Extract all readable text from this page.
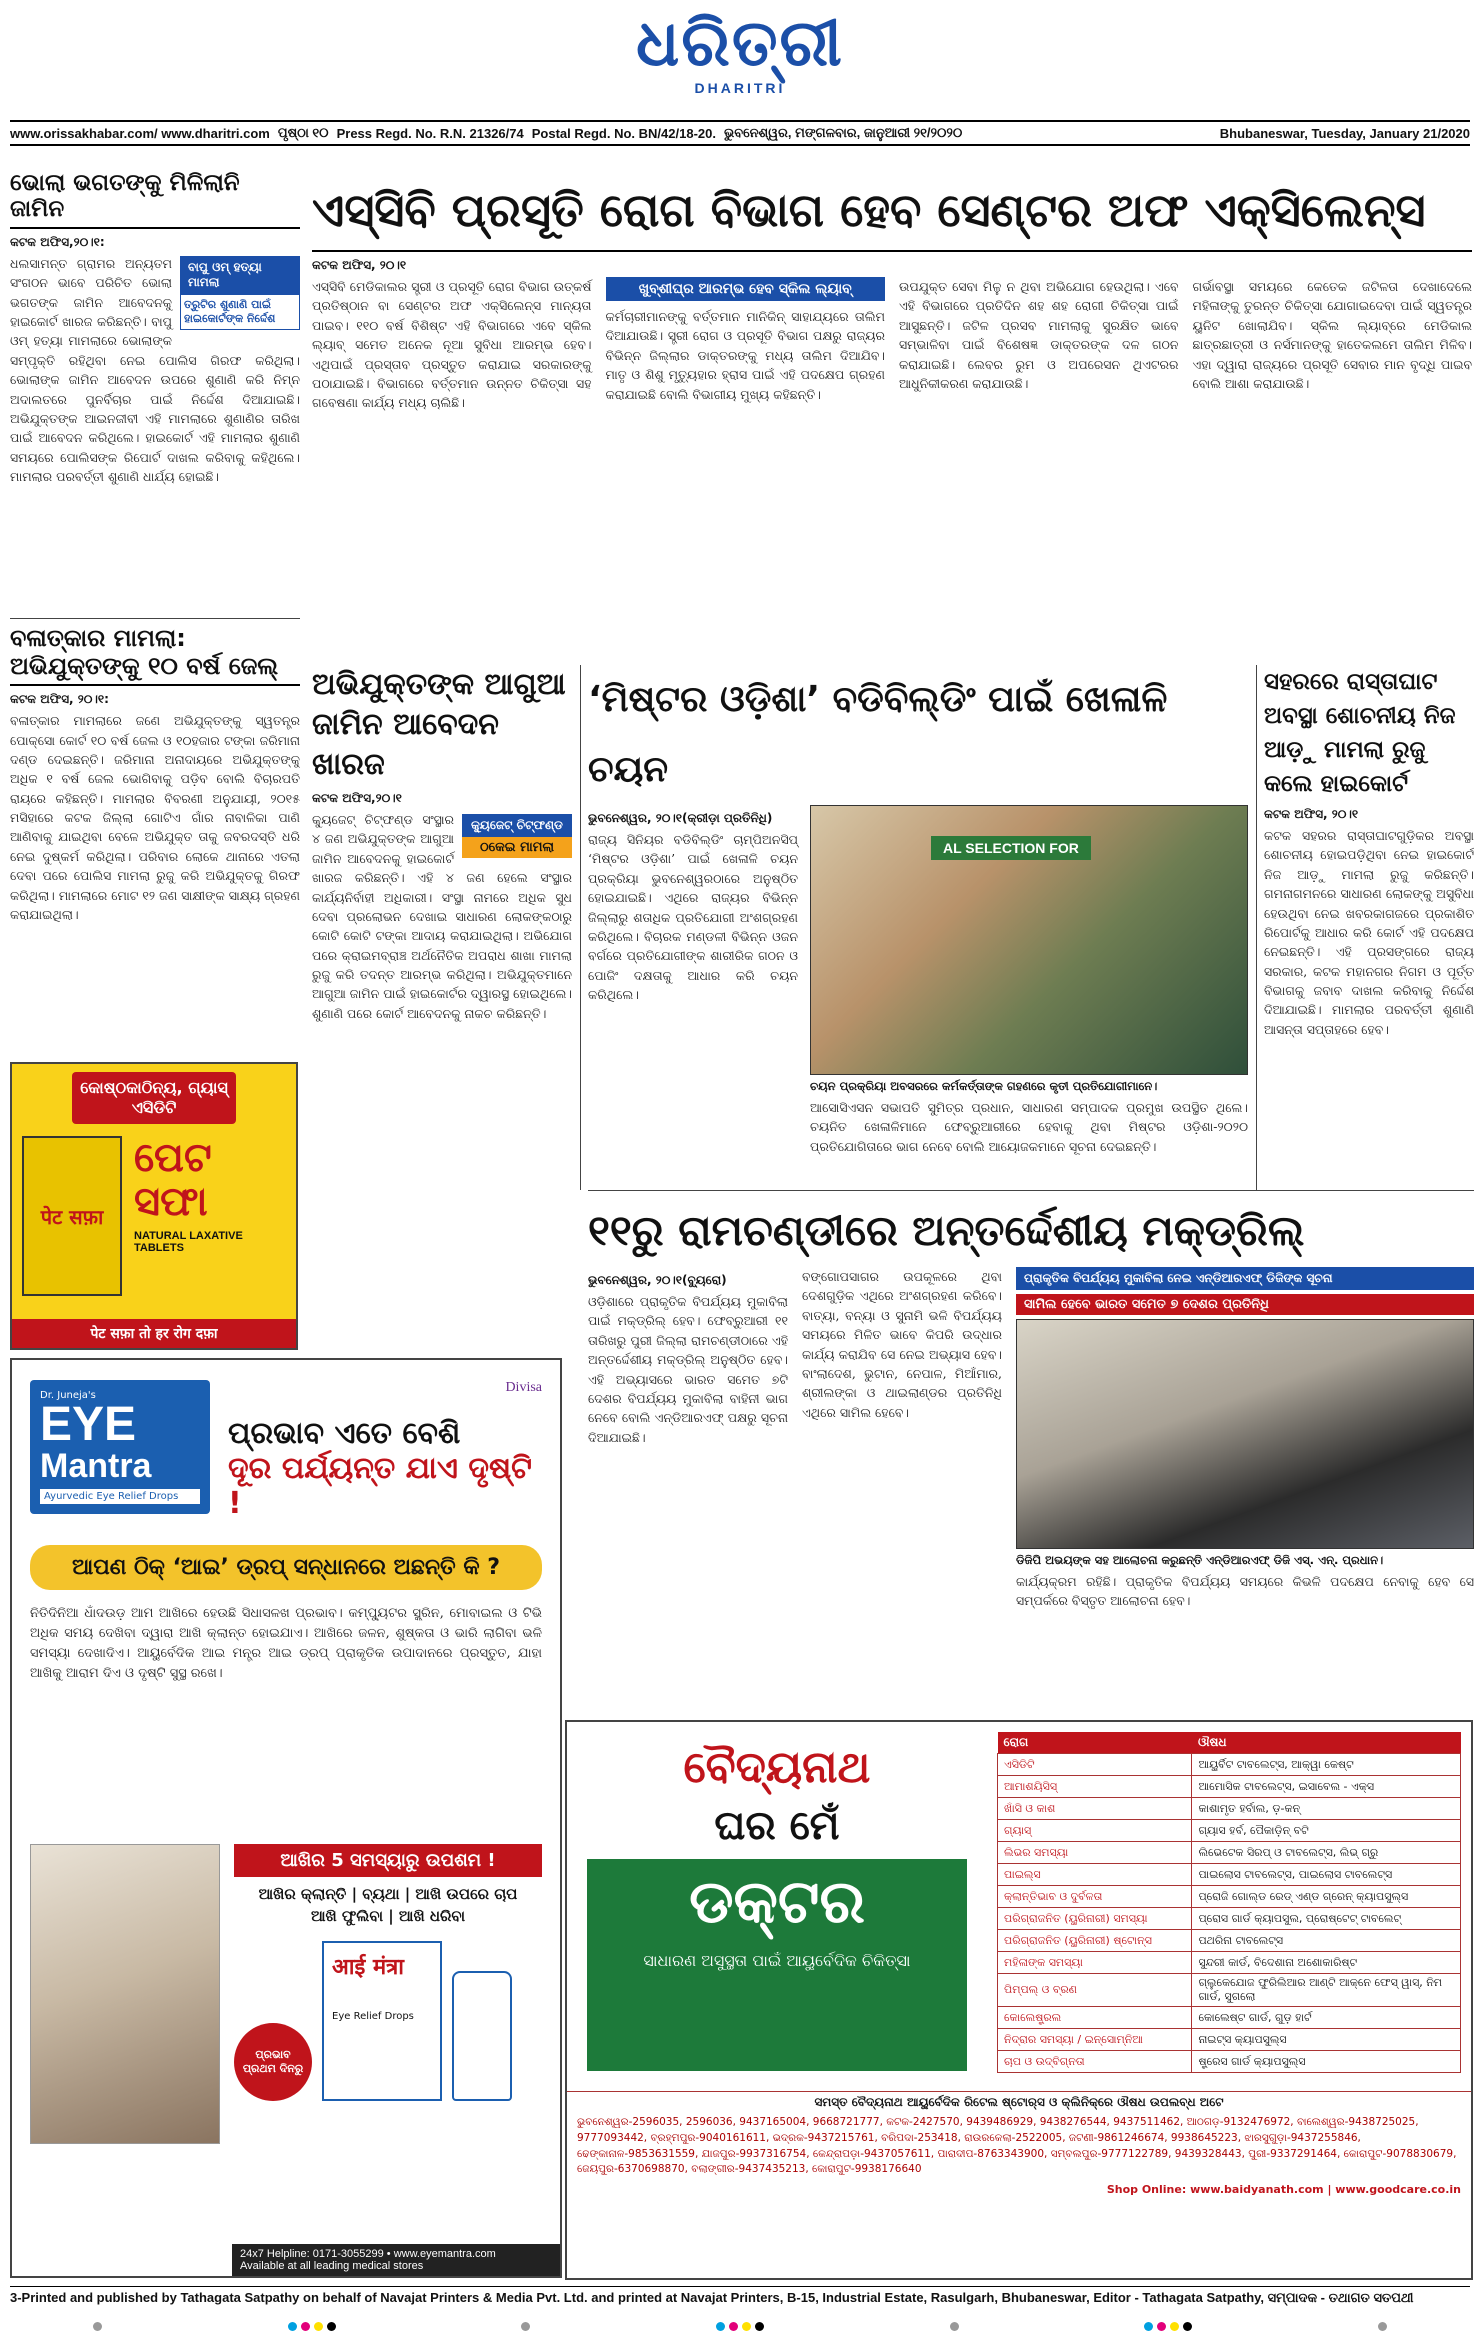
ଧରିତ୍ରୀ
DHARITRI
www.orissakhabar.com/ www.dharitri.com ପୃଷ୍ଠା ୧୦ Press Regd. No. R.N. 21326/74 Postal Regd. No. BN/42/18-20. ଭୁବନେଶ୍ୱର, ମଙ୍ଗଳବାର, ଜାନୁଆରୀ ୨୧/୨୦୨୦	Bhubaneswar, Tuesday, January 21/2020
ଭୋଲା ଭଗତଙ୍କୁ ମିଳିଲାନି ଜାମିନ
କଟକ ଅଫିସ,୨୦।୧:
ବାପୁ ଓମ୍ ହତ୍ୟା ମାମଲା
ତ୍ରୁଟିର ଶୁଣାଣି ପାଇଁ ହାଇକୋର୍ଟଙ୍କ ନିର୍ଦ୍ଦେଶ
ଧଲସାମନ୍ତ ଗ୍ରାମର ଅନ୍ୟତମ ସଂଗଠନ ଭାବେ ପରିଚିତ ଭୋଲା ଭଗତଙ୍କ ଜାମିନ ଆବେଦନକୁ ହାଇକୋର୍ଟ ଖାରଜ କରିଛନ୍ତି। ବାପୁ ଓମ୍ ହତ୍ୟା ମାମଲାରେ ଭୋଲାଙ୍କ ସମ୍ପୃକ୍ତି ରହିଥିବା ନେଇ ପୋଲିସ ଗିରଫ କରିଥିଲା। ଭୋଲାଙ୍କ ଜାମିନ ଆବେଦନ ଉପରେ ଶୁଣାଣି କରି ନିମ୍ନ ଅଦାଲତରେ ପୁନର୍ବିଚାର ପାଇଁ ନିର୍ଦ୍ଦେଶ ଦିଆଯାଇଛି। ଅଭିଯୁକ୍ତଙ୍କ ଆଇନଜୀବୀ ଏହି ମାମଲାରେ ଶୁଣାଣିର ତାରିଖ ପାଇଁ ଆବେଦନ କରିଥିଲେ। ହାଇକୋର୍ଟ ଏହି ମାମଲାର ଶୁଣାଣି ସମୟରେ ପୋଲିସଙ୍କ ରିପୋର୍ଟ ଦାଖଲ କରିବାକୁ କହିଥିଲେ। ମାମଲାର ପରବର୍ତ୍ତୀ ଶୁଣାଣି ଧାର୍ଯ୍ୟ ହୋଇଛି।
ଏସ୍‌ସିବି ପ୍ରସୂତି ରୋଗ ବିଭାଗ ହେବ ସେଣ୍ଟର ଅଫ ଏକ୍ସିଲେନ୍ସ
କଟକ ଅଫିସ, ୨୦।୧
ଏସ୍‌ସିବି ମେଡିକାଲର ସ୍ତ୍ରୀ ଓ ପ୍ରସୂତି ରୋଗ ବିଭାଗ ଉତ୍କର୍ଷ ପ୍ରତିଷ୍ଠାନ ବା ସେଣ୍ଟର ଅଫ ଏକ୍ସିଲେନ୍ସ ମାନ୍ୟତା ପାଇବ। ୧୧୦ ବର୍ଷ ବିଶିଷ୍ଟ ଏହି ବିଭାଗରେ ଏବେ ସ୍କିଲ ଲ୍ୟାବ୍‌ ସମେତ ଅନେକ ନୂଆ ସୁବିଧା ଆରମ୍ଭ ହେବ। ଏଥିପାଇଁ ପ୍ରସ୍ତାବ ପ୍ରସ୍ତୁତ କରାଯାଇ ସରକାରଙ୍କୁ ପଠାଯାଇଛି। ବିଭାଗରେ ବର୍ତ୍ତମାନ ଉନ୍ନତ ଚିକିତ୍ସା ସହ ଗବେଷଣା କାର୍ଯ୍ୟ ମଧ୍ୟ ଚାଲିଛି।
ଖୁବ୍‌ଶୀଘ୍ର ଆରମ୍ଭ ହେବ ସ୍କିଲ ଲ୍ୟାବ୍‌
କର୍ମଚାରୀମାନଙ୍କୁ ବର୍ତ୍ତମାନ ମାନିକିନ୍ ସାହାଯ୍ୟରେ ତାଲିମ ଦିଆଯାଉଛି। ସ୍ତ୍ରୀ ରୋଗ ଓ ପ୍ରସୂତି ବିଭାଗ ପକ୍ଷରୁ ରାଜ୍ୟର ବିଭିନ୍ନ ଜିଲ୍ଲାର ଡାକ୍ତରଙ୍କୁ ମଧ୍ୟ ତାଲିମ ଦିଆଯିବ। ମାତୃ ଓ ଶିଶୁ ମୃତ୍ୟୁହାର ହ୍ରାସ ପାଇଁ ଏହି ପଦକ୍ଷେପ ଗ୍ରହଣ କରାଯାଇଛି ବୋଲି ବିଭାଗୀୟ ମୁଖ୍ୟ କହିଛନ୍ତି।
ଉପଯୁକ୍ତ ସେବା ମିଳୁ ନ ଥିବା ଅଭିଯୋଗ ହେଉଥିଲା। ଏବେ ଏହି ବିଭାଗରେ ପ୍ରତିଦିନ ଶହ ଶହ ରୋଗୀ ଚିକିତ୍ସା ପାଇଁ ଆସୁଛନ୍ତି। ଜଟିଳ ପ୍ରସବ ମାମଲାକୁ ସୁରକ୍ଷିତ ଭାବେ ସମ୍ଭାଳିବା ପାଇଁ ବିଶେଷଜ୍ଞ ଡାକ୍ତରଙ୍କ ଦଳ ଗଠନ କରାଯାଇଛି। ଲେବର ରୁମ ଓ ଅପରେସନ ଥିଏଟରର ଆଧୁନିକୀକରଣ କରାଯାଉଛି।
ଗର୍ଭାବସ୍ଥା ସମୟରେ କେତେକ ଜଟିଳତା ଦେଖାଦେଲେ ମହିଳାଙ୍କୁ ତୁରନ୍ତ ଚିକିତ୍ସା ଯୋଗାଇଦେବା ପାଇଁ ସ୍ୱତନ୍ତ୍ର ୟୁନିଟ ଖୋଲାଯିବ। ସ୍କିଲ ଲ୍ୟାବ୍‌ରେ ମେଡିକାଲ ଛାତ୍ରଛାତ୍ରୀ ଓ ନର୍ସମାନଙ୍କୁ ହାତେକଲମେ ତାଲିମ ମିଳିବ। ଏହା ଦ୍ୱାରା ରାଜ୍ୟରେ ପ୍ରସୂତି ସେବାର ମାନ ବୃଦ୍ଧି ପାଇବ ବୋଲି ଆଶା କରାଯାଉଛି।
ବଳାତ୍କାର ମାମଲା:
ଅଭିଯୁକ୍ତଙ୍କୁ ୧୦ ବର୍ଷ ଜେଲ୍‌
କଟକ ଅଫିସ, ୨୦।୧:
ବଳାତ୍କାର ମାମଲାରେ ଜଣେ ଅଭିଯୁକ୍ତଙ୍କୁ ସ୍ୱତନ୍ତ୍ର ପୋକ୍ସୋ କୋର୍ଟ ୧୦ ବର୍ଷ ଜେଲ ଓ ୧୦ହଜାର ଟଙ୍କା ଜରିମାନା ଦଣ୍ଡ ଦେଇଛନ୍ତି। ଜରିମାନା ଅନାଦାୟରେ ଅଭିଯୁକ୍ତଙ୍କୁ ଅଧିକ ୧ ବର୍ଷ ଜେଲ ଭୋଗିବାକୁ ପଡ଼ିବ ବୋଲି ବିଚାରପତି ରାୟରେ କହିଛନ୍ତି। ମାମଲାର ବିବରଣୀ ଅନୁଯାୟୀ, ୨୦୧୫ ମସିହାରେ କଟକ ଜିଲ୍ଲା ଗୋଟିଏ ଗାଁର ନାବାଳିକା ପାଣି ଆଣିବାକୁ ଯାଇଥିବା ବେଳେ ଅଭିଯୁକ୍ତ ତାକୁ ଜବରଦସ୍ତି ଧରି ନେଇ ଦୁଷ୍କର୍ମ କରିଥିଲା। ପରିବାର ଲୋକେ ଥାନାରେ ଏତଲା ଦେବା ପରେ ପୋଲିସ ମାମଲା ରୁଜୁ କରି ଅଭିଯୁକ୍ତକୁ ଗିରଫ କରିଥିଲା। ମାମଲାରେ ମୋଟ ୧୨ ଜଣ ସାକ୍ଷୀଙ୍କ ସାକ୍ଷ୍ୟ ଗ୍ରହଣ କରାଯାଇଥିଲା।
ଅଭିଯୁକ୍ତଙ୍କ ଆଗୁଆ ଜାମିନ ଆବେଦନ ଖାରଜ
କଟକ ଅଫିସ,୨୦।୧
କ୍ୟୁଜେଟ୍ ଚିଟ୍‌ଫଣ୍ଡ
ଠକେଇ ମାମଲା
କ୍ୟୁଜେଟ୍ ଚିଟ୍‌ଫଣ୍ଡ ସଂସ୍ଥାର ୪ ଜଣ ଅଭିଯୁକ୍ତଙ୍କ ଆଗୁଆ ଜାମିନ ଆବେଦନକୁ ହାଇକୋର୍ଟ ଖାରଜ କରିଛନ୍ତି। ଏହି ୪ ଜଣ ହେଲେ ସଂସ୍ଥାର କାର୍ଯ୍ୟନିର୍ବାହୀ ଅଧିକାରୀ। ସଂସ୍ଥା ନାମରେ ଅଧିକ ସୁଧ ଦେବା ପ୍ରଲୋଭନ ଦେଖାଇ ସାଧାରଣ ଲୋକଙ୍କଠାରୁ କୋଟି କୋଟି ଟଙ୍କା ଆଦାୟ କରାଯାଇଥିଲା। ଅଭିଯୋଗ ପରେ କ୍ରାଇମବ୍ରାଞ୍ଚ ଅର୍ଥନୈତିକ ଅପରାଧ ଶାଖା ମାମଲା ରୁଜୁ କରି ତଦନ୍ତ ଆରମ୍ଭ କରିଥିଲା। ଅଭିଯୁକ୍ତମାନେ ଆଗୁଆ ଜାମିନ ପାଇଁ ହାଇକୋର୍ଟର ଦ୍ୱାରସ୍ଥ ହୋଇଥିଲେ। ଶୁଣାଣି ପରେ କୋର୍ଟ ଆବେଦନକୁ ନାକଚ କରିଛନ୍ତି।
‘ମିଷ୍ଟର ଓଡ଼ିଶା’ ବଡିବିଲ୍ଡିଂ ପାଇଁ ଖେଳାଳି ଚୟନ
ଭୁବନେଶ୍ୱର, ୨୦।୧(କ୍ରୀଡ଼ା ପ୍ରତିନିଧି)
ରାଜ୍ୟ ସିନିୟର ବଡିବିଲ୍ଡିଂ ଚାମ୍ପିଅନସିପ୍ ‘ମିଷ୍ଟର ଓଡ଼ିଶା’ ପାଇଁ ଖେଳାଳି ଚୟନ ପ୍ରକ୍ରିୟା ଭୁବନେଶ୍ୱରଠାରେ ଅନୁଷ୍ଠିତ ହୋଇଯାଇଛି। ଏଥିରେ ରାଜ୍ୟର ବିଭିନ୍ନ ଜିଲ୍ଲାରୁ ଶତାଧିକ ପ୍ରତିଯୋଗୀ ଅଂଶଗ୍ରହଣ କରିଥିଲେ। ବିଚାରକ ମଣ୍ଡଳୀ ବିଭିନ୍ନ ଓଜନ ବର୍ଗରେ ପ୍ରତିଯୋଗୀଙ୍କ ଶାରୀରିକ ଗଠନ ଓ ପୋଜିଂ ଦକ୍ଷତାକୁ ଆଧାର କରି ଚୟନ କରିଥିଲେ।
AL SELECTION FOR
ଚୟନ ପ୍ରକ୍ରିୟା ଅବସରରେ କର୍ମକର୍ତ୍ତାଙ୍କ ଗହଣରେ କୃତୀ ପ୍ରତିଯୋଗୀମାନେ।
ଆସୋସିଏସନ ସଭାପତି ସୁମିତ୍ର ପ୍ରଧାନ, ସାଧାରଣ ସମ୍ପାଦକ ପ୍ରମୁଖ ଉପସ୍ଥିତ ଥିଲେ। ଚୟନିତ ଖେଳାଳିମାନେ ଫେବ୍ରୁଆରୀରେ ହେବାକୁ ଥିବା ମିଷ୍ଟର ଓଡ଼ିଶା-୨୦୨୦ ପ୍ରତିଯୋଗିତାରେ ଭାଗ ନେବେ ବୋଲି ଆୟୋଜକମାନେ ସୂଚନା ଦେଇଛନ୍ତି।
ସହରରେ ରାସ୍ତାଘାଟ ଅବସ୍ଥା ଶୋଚନୀୟ ନିଜ ଆଡ଼ୁ ମାମଲା ରୁଜୁ କଲେ ହାଇକୋର୍ଟ
କଟକ ଅଫିସ, ୨୦।୧
କଟକ ସହରର ରାସ୍ତାଘାଟଗୁଡ଼ିକର ଅବସ୍ଥା ଶୋଚନୀୟ ହୋଇପଡ଼ିଥିବା ନେଇ ହାଇକୋର୍ଟ ନିଜ ଆଡ଼ୁ ମାମଲା ରୁଜୁ କରିଛନ୍ତି। ଗମନାଗମନରେ ସାଧାରଣ ଲୋକଙ୍କୁ ଅସୁବିଧା ହେଉଥିବା ନେଇ ଖବରକାଗଜରେ ପ୍ରକାଶିତ ରିପୋର୍ଟକୁ ଆଧାର କରି କୋର୍ଟ ଏହି ପଦକ୍ଷେପ ନେଇଛନ୍ତି। ଏହି ପ୍ରସଙ୍ଗରେ ରାଜ୍ୟ ସରକାର, କଟକ ମହାନଗର ନିଗମ ଓ ପୂର୍ତ୍ତ ବିଭାଗକୁ ଜବାବ ଦାଖଲ କରିବାକୁ ନିର୍ଦ୍ଦେଶ ଦିଆଯାଇଛି। ମାମଲାର ପରବର୍ତ୍ତୀ ଶୁଣାଣି ଆସନ୍ତା ସପ୍ତାହରେ ହେବ।
କୋଷ୍ଠକାଠିନ୍ୟ, ଗ୍ୟାସ୍ ଏସିଡିଟି
पेट सफ़ा
ପେଟ ସଫା
NATURAL LAXATIVE TABLETS
पेट सफ़ा तो हर रोग दफ़ा
୧୧ରୁ ରାମଚଣ୍ଡୀରେ ଅନ୍ତର୍ଦ୍ଦେଶୀୟ ମକ୍‌ଡ୍ରିଲ୍‌
ଭୁବନେଶ୍ୱର, ୨୦।୧(ବ୍ୟୁରୋ)
ଓଡ଼ିଶାରେ ପ୍ରାକୃତିକ ବିପର୍ଯ୍ୟୟ ମୁକାବିଲା ପାଇଁ ମକ୍‌ଡ୍ରିଲ୍‌ ହେବ। ଫେବ୍ରୁଆରୀ ୧୧ ତାରିଖରୁ ପୁରୀ ଜିଲ୍ଲା ରାମଚଣ୍ଡୀଠାରେ ଏହି ଅନ୍ତର୍ଦ୍ଦେଶୀୟ ମକ୍‌ଡ୍ରିଲ୍‌ ଅନୁଷ୍ଠିତ ହେବ। ଏହି ଅଭ୍ୟାସରେ ଭାରତ ସମେତ ୭ଟି ଦେଶର ବିପର୍ଯ୍ୟୟ ମୁକାବିଲା ବାହିନୀ ଭାଗ ନେବେ ବୋଲି ଏନ୍‌ଡିଆରଏଫ୍‌ ପକ୍ଷରୁ ସୂଚନା ଦିଆଯାଇଛି।
ବଙ୍ଗୋପସାଗର ଉପକୂଳରେ ଥିବା ଦେଶଗୁଡ଼ିକ ଏଥିରେ ଅଂଶଗ୍ରହଣ କରିବେ। ବାତ୍ୟା, ବନ୍ୟା ଓ ସୁନାମି ଭଳି ବିପର୍ଯ୍ୟୟ ସମୟରେ ମିଳିତ ଭାବେ କିପରି ଉଦ୍ଧାର କାର୍ଯ୍ୟ କରାଯିବ ସେ ନେଇ ଅଭ୍ୟାସ ହେବ। ବାଂଲାଦେଶ, ଭୁଟାନ, ନେପାଳ, ମିଆଁମାର, ଶ୍ରୀଲଙ୍କା ଓ ଥାଇଲାଣ୍ଡର ପ୍ରତିନିଧି ଏଥିରେ ସାମିଲ ହେବେ।
ପ୍ରାକୃତିକ ବିପର୍ଯ୍ୟୟ ମୁକାବିଲା ନେଇ ଏନ୍‌ଡିଆରଏଫ୍ ଡିଜିଙ୍କ ସୂଚନା
ସାମିଲ ହେବେ ଭାରତ ସମେତ ୭ ଦେଶର ପ୍ରତିନିଧି
ଡିଜିପି ଅଭୟଙ୍କ ସହ ଆଲୋଚନା କରୁଛନ୍ତି ଏନ୍‌ଡିଆରଏଫ୍ ଡିଜି ଏସ୍. ଏନ୍. ପ୍ରଧାନ।
କାର୍ଯ୍ୟକ୍ରମ ରହିଛି। ପ୍ରାକୃତିକ ବିପର୍ଯ୍ୟୟ ସମୟରେ କିଭଳି ପଦକ୍ଷେପ ନେବାକୁ ହେବ ସେ ସମ୍ପର୍କରେ ବିସ୍ତୃତ ଆଲୋଚନା ହେବ।
Dr. Juneja's
EYE
Mantra
Ayurvedic Eye Relief Drops
Divisa
ପ୍ରଭାବ ଏତେ ବେଶି
ଦୂର ପର୍ଯ୍ୟନ୍ତ ଯାଏ ଦୃଷ୍ଟି !
ଆପଣ ଠିକ୍ ‘ଆଇ’ ଡ୍ରପ୍ ସନ୍ଧାନରେ ଅଛନ୍ତି କି ?
ନିତିଦିନିଆ ଧାଁଦଉଡ଼ ଆମ ଆଖିରେ ହେଉଛି ସିଧାସଳଖ ପ୍ରଭାବ। କମ୍ପ୍ୟୁଟର ସ୍କ୍ରିନ, ମୋବାଇଲ ଓ ଟିଭି ଅଧିକ ସମୟ ଦେଖିବା ଦ୍ୱାରା ଆଖି କ୍ଲାନ୍ତ ହୋଇଯାଏ। ଆଖିରେ ଜଳନ, ଶୁଷ୍କତା ଓ ଭାରି ଲାଗିବା ଭଳି ସମସ୍ୟା ଦେଖାଦିଏ। ଆୟୁର୍ବେଦିକ ଆଇ ମନ୍ତ୍ର ଆଇ ଡ୍ରପ୍‌ ପ୍ରାକୃତିକ ଉପାଦାନରେ ପ୍ରସ୍ତୁତ, ଯାହା ଆଖିକୁ ଆରାମ ଦିଏ ଓ ଦୃଷ୍ଟି ସୁସ୍ଥ ରଖେ।
ଆଖିର 5 ସମସ୍ୟାରୁ ଉପଶମ !
ଆଖିର କ୍ଲାନ୍ତି | ବ୍ୟଥା | ଆଖି ଉପରେ ଚାପ
ଆଖି ଫୁଲିବା | ଆଖି ଧରିବା
ପ୍ରଭାବ ପ୍ରଥମ ଦିନରୁ
आई मंत्रा
Eye Relief Drops
24x7 Helpline: 0171-3055299 • www.eyemantra.com
Available at all leading medical stores
ବୈଦ୍ୟନାଥ
ଘର ମେଁ
ଡକ୍ଟର
ସାଧାରଣ ଅସୁସ୍ଥତା ପାଇଁ ଆୟୁର୍ବେଦିକ ଚିକିତ୍ସା
ରୋଗ	ଔଷଧ
ଏସିଡିଟି	ଆୟୁର୍ବିଟ ଟାବଲେଟ୍ସ, ଆକ୍ୱା କେଷ୍ଟ
ଆମାଶୟିସିସ୍‌	ଆମୋସିକ ଟାବଲେଟ୍ସ, ଇସାବେଲ - ଏକ୍ସ
ଖାଁସି ଓ କାଶ	କାଶାମୃତ ହର୍ବାଲ, ଡ଼-କନ୍
ଗ୍ୟାସ୍‌	ଗ୍ୟାସ ହର୍ବ, ପୈକାଡ଼ିନ୍ ବଟି
ଲିଭର ସମସ୍ୟା	ଲିଭେଟେକ ସିରପ୍ ଓ ଟାବଲେଟ୍ସ, ଲିଭ୍ ଗ୍ରୁ
ପାଇଲ୍‌ସ	ପାଇଲୋସ ଟାବଲେଟ୍ସ, ପାଇଲୋସ ଟାବଲେଟ୍ସ
କ୍ଲାନ୍ତିଭାବ ଓ ଦୁର୍ବଳତା	ପ୍ରୋଜି ଗୋଲ୍ଡ ରେଡ୍ ଏଣ୍ଡ ଗ୍ରେନ୍ କ୍ୟାପସୁଲ୍ସ
ପରିଗ୍ରାଜନିତ (ୟୁରିନାରୀ) ସମସ୍ୟା	ପ୍ରୋସ ଗାର୍ଡ କ୍ୟାପସୁଲ, ପ୍ରୋଷ୍ଟେଟ୍ ଟାବଲେଟ୍
ପରିଗ୍ରାଜନିତ (ୟୁରିନାରୀ) ଷ୍ଟୋନ୍‌ସ	ପଥରିନା ଟାବଲେଟ୍ସ
ମହିଳାଙ୍କ ସମସ୍ୟା	ସୁନ୍ଦରୀ କାର୍ଡ, ବିଦେଶାନା ଅଶୋକାରିଷ୍ଟ
ପିମ୍ପଲ୍ ଓ ବ୍ରଣ	ଗ୍ଲୁକେଯୋଜ ଫୁରିଲିଆର ଆଣ୍ଟି ଆକ୍‌ନେ ଫେସ୍ ୱାସ୍, ନିମ ଗାର୍ଡ, ସୁଗଲୋ
କୋଲେଷ୍ଟ୍ରଲ	କୋଲେଷ୍ଟ ଗାର୍ଡ, ଗୁଡ଼ ହାର୍ଟ
ନିଦ୍ରାର ସମସ୍ୟା / ଇନ୍‌ସୋମ୍ନିଆ	ନାଇଟ୍‌ସ କ୍ୟାପସୁଲ୍ସ
ଚାପ ଓ ଉଦ୍ବିଗ୍ନତା	ଷ୍ଟ୍ରେସ ଗାର୍ଡ କ୍ୟାପସୁଲ୍ସ
ସମସ୍ତ ବୈଦ୍ୟନାଥ ଆୟୁର୍ବେଦିକ ରିଟେଲ ଷ୍ଟୋର୍‌ସ ଓ କ୍ଲିନିକ୍‌ରେ ଔଷଧ ଉପଲବ୍ଧ ଅଟେ
ଭୁବନେଶ୍ୱର-2596035, 2596036, 9437165004, 9668721777, କଟକ-2427570, 9439486929, 9438276544, 9437511462, ଆଠଗଡ଼-9132476972, ବାଲେଶ୍ୱର-9438725025, 9777093442, ବ୍ରହ୍ମପୁର-9040161611, ଭଦ୍ରକ-9437215761, ବରିପଦା-253418, ରାଉରକେଲା-2522005, ଜଟଣୀ-9861246674, 9938645223, ଝାରସୁଗୁଡ଼ା-9437255846, ଢେଙ୍କାନାଳ-9853631559, ଯାଜପୁର-9937316754, କେନ୍ଦ୍ରାପଡ଼ା-9437057611, ପାରାଦୀପ-8763343900, ସମ୍ବଲପୁର-9777122789, 9439328443, ପୁରୀ-9337291464, କୋରାପୁଟ-9078830679, ଜେୟପୁର-6370698870, ବଲାଙ୍ଗୀର-9437435213, କୋରାପୁଟ-9938176640
Shop Online: www.baidyanath.com | www.goodcare.co.in
3-Printed and published by Tathagata Satpathy on behalf of Navajat Printers & Media Pvt. Ltd. and printed at Navajat Printers, B-15, Industrial Estate, Rasulgarh, Bhubaneswar, Editor - Tathagata Satpathy, ସମ୍ପାଦକ - ତଥାଗତ ସତପଥୀ
